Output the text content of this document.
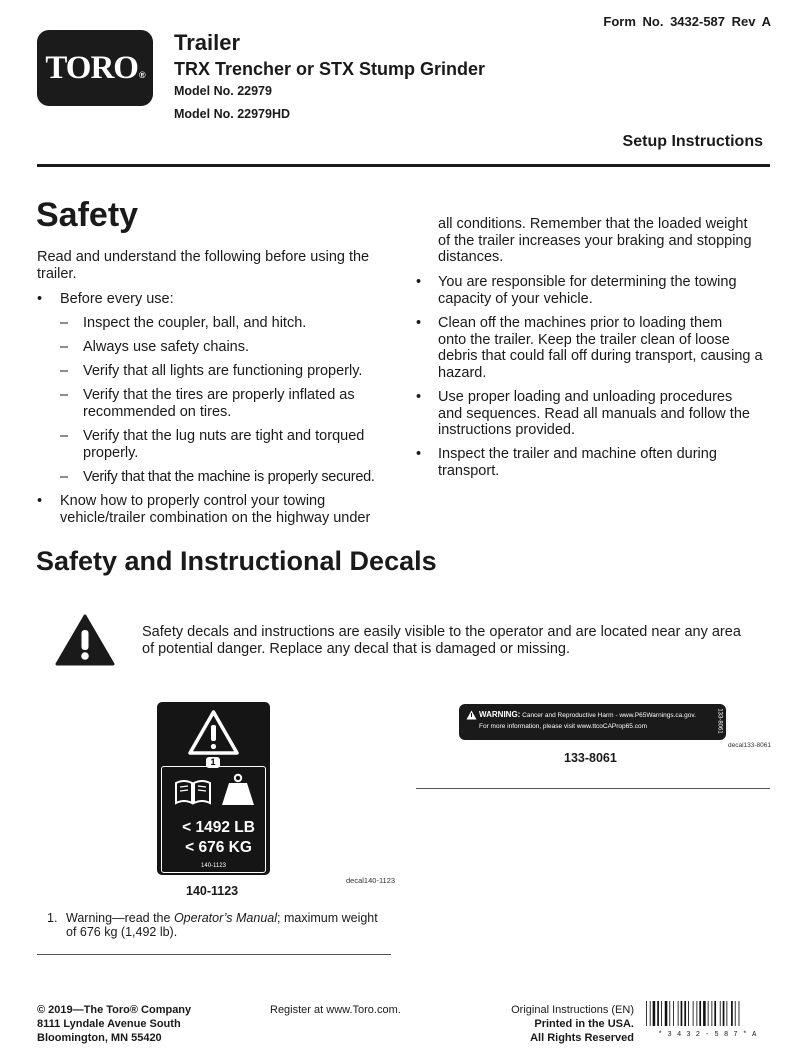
Form No. 3432-587 Rev A
$TORO_®$
Trailer
TRX Trencher or STX Stump Grinder
Model No. 22979
Model No. 22979HD
Setup Instructions
Safety
Read and understand the following before using the
trailer.
• Before every use:
– Inspect the coupler, ball, and hitch.
– Always use safety chains.
– Verify that all lights are functioning properly.
– Verify that the tires are properly inflated as
recommended on tires.
– Verify that the lug nuts are tight and torqued
properly.
– Verify that that the machine is properly secured.
• Know how to properly control your towing
vehicle/trailer combination on the highway under
all conditions. Remember that the loaded weight
of the trailer increases your braking and stopping
distances.
• You are responsible for determining the towing
capacity of your vehicle.
• Clean off the machines prior to loading them
onto the trailer. Keep the trailer clean of loose
debris that could fall off during transport, causing a
hazard.
• Use proper loading and unloading procedures
and sequences. Read all manuals and follow the
instructions provided.
• Inspect the trailer and machine often during
transport.
Safety and Instructional Decals
Safety decals and instructions are easily visible to the operator and are located near any area
of potential danger. Replace any decal that is damaged or missing.
1
< 1492 LB
< 676 KG
140-1123
decal140-1123
140-1123
1. Warning—read the Operator’s Manual; maximum weight
of 676 kg (1,492 lb).
WARNING: Cancer and Reproductive Harm - www.P65Warnings.ca.gov.
For more information, please visit www.ttcoCAProp65.com	133-8061
decal133-8061
133-8061
© 2019—The Toro® Company
8111 Lyndale Avenue South
Bloomington, MN 55420
Register at www.Toro.com.	Original Instructions (EN)
Printed in the USA.
All Rights Reserved	* 3 4 3 2 - 5 8 7 * A
